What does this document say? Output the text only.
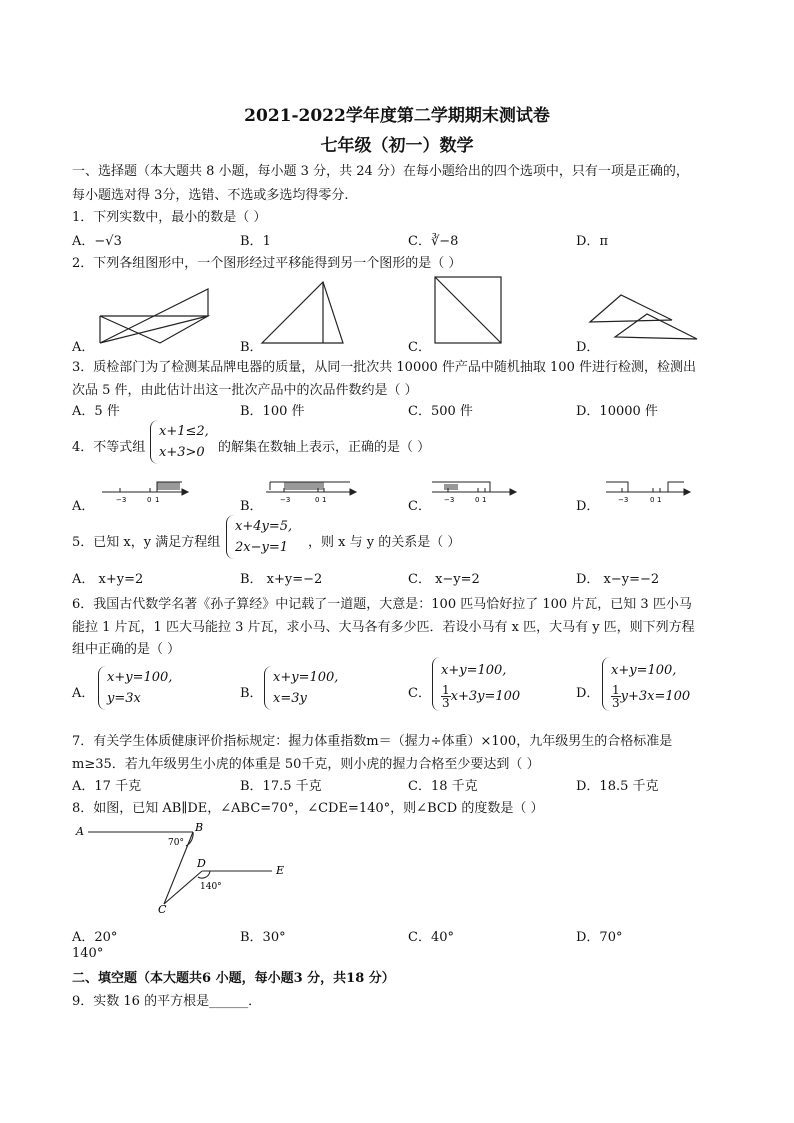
2021-2022学年度第二学期期末测试卷
七年级（初一）数学
一、选择题（本大题共 8 小题，每小题 3 分，共 24 分）在每小题给出的四个选项中，只有一项是正确的，
每小题选对得 3分，选错、不选或多选均得零分.
1．下列实数中，最小的数是（ ）
A．−√3	B．1	C．∛−8	D．π
2．下列各组图形中，一个图形经过平移能得到另一个图形的是（ ）
A．	B．	C．	D．
3．质检部门为了检测某品牌电器的质量，从同一批次共 10000 件产品中随机抽取 100 件进行检测，检测出
次品 5 件，由此估计出这一批次产品中的次品件数约是（ ）
A．5 件	B．100 件	C．500 件	D．10000 件
4．不等式组
x+1≤2,
x+3>0	的解集在数轴上表示，正确的是（ ）
A．	B．	C．	D．
−3	0 1	−3	0 1	−3	0 1	−3	0 1
5．已知 x，y 满足方程组
x+4y=5,
2x−y=1	，则 x 与 y 的关系是（ ）
A． x+y=2	B． x+y=−2	C． x−y=2	D． x−y=−2
6．我国古代数学名著《孙子算经》中记载了一道题，大意是：100 匹马恰好拉了 100 片瓦，已知 3 匹小马
能拉 1 片瓦，1 匹大马能拉 3 片瓦，求小马、大马各有多少匹．若设小马有 x 匹，大马有 y 匹，则下列方程
组中正确的是（ ）
A．
x+y=100,
y=3x	B．
x+y=100,
x=3y	C．
x+y=100,

$\frac{1}{3} x+3y=100$	D．
x+y=100,

$\frac{1}{3} y+3x=100$
7．有关学生体质健康评价指标规定：握力体重指数m＝（握力÷体重）×100，九年级男生的合格标准是
m≥35．若九年级男生小虎的体重是 50千克，则小虎的握力合格至少要达到（ ）
A．17 千克	B．17.5 千克	C．18 千克	D．18.5 千克
8．如图，已知 AB∥DE，∠ABC=70°，∠CDE=140°，则∠BCD 的度数是（ ）
A	B
C
D
E
70°
140°
A．20°	B．30°	C．40°	D．70°
140°
二、填空题（本大题共6 小题，每小题3 分，共18 分）
9．实数 16 的平方根是______．
